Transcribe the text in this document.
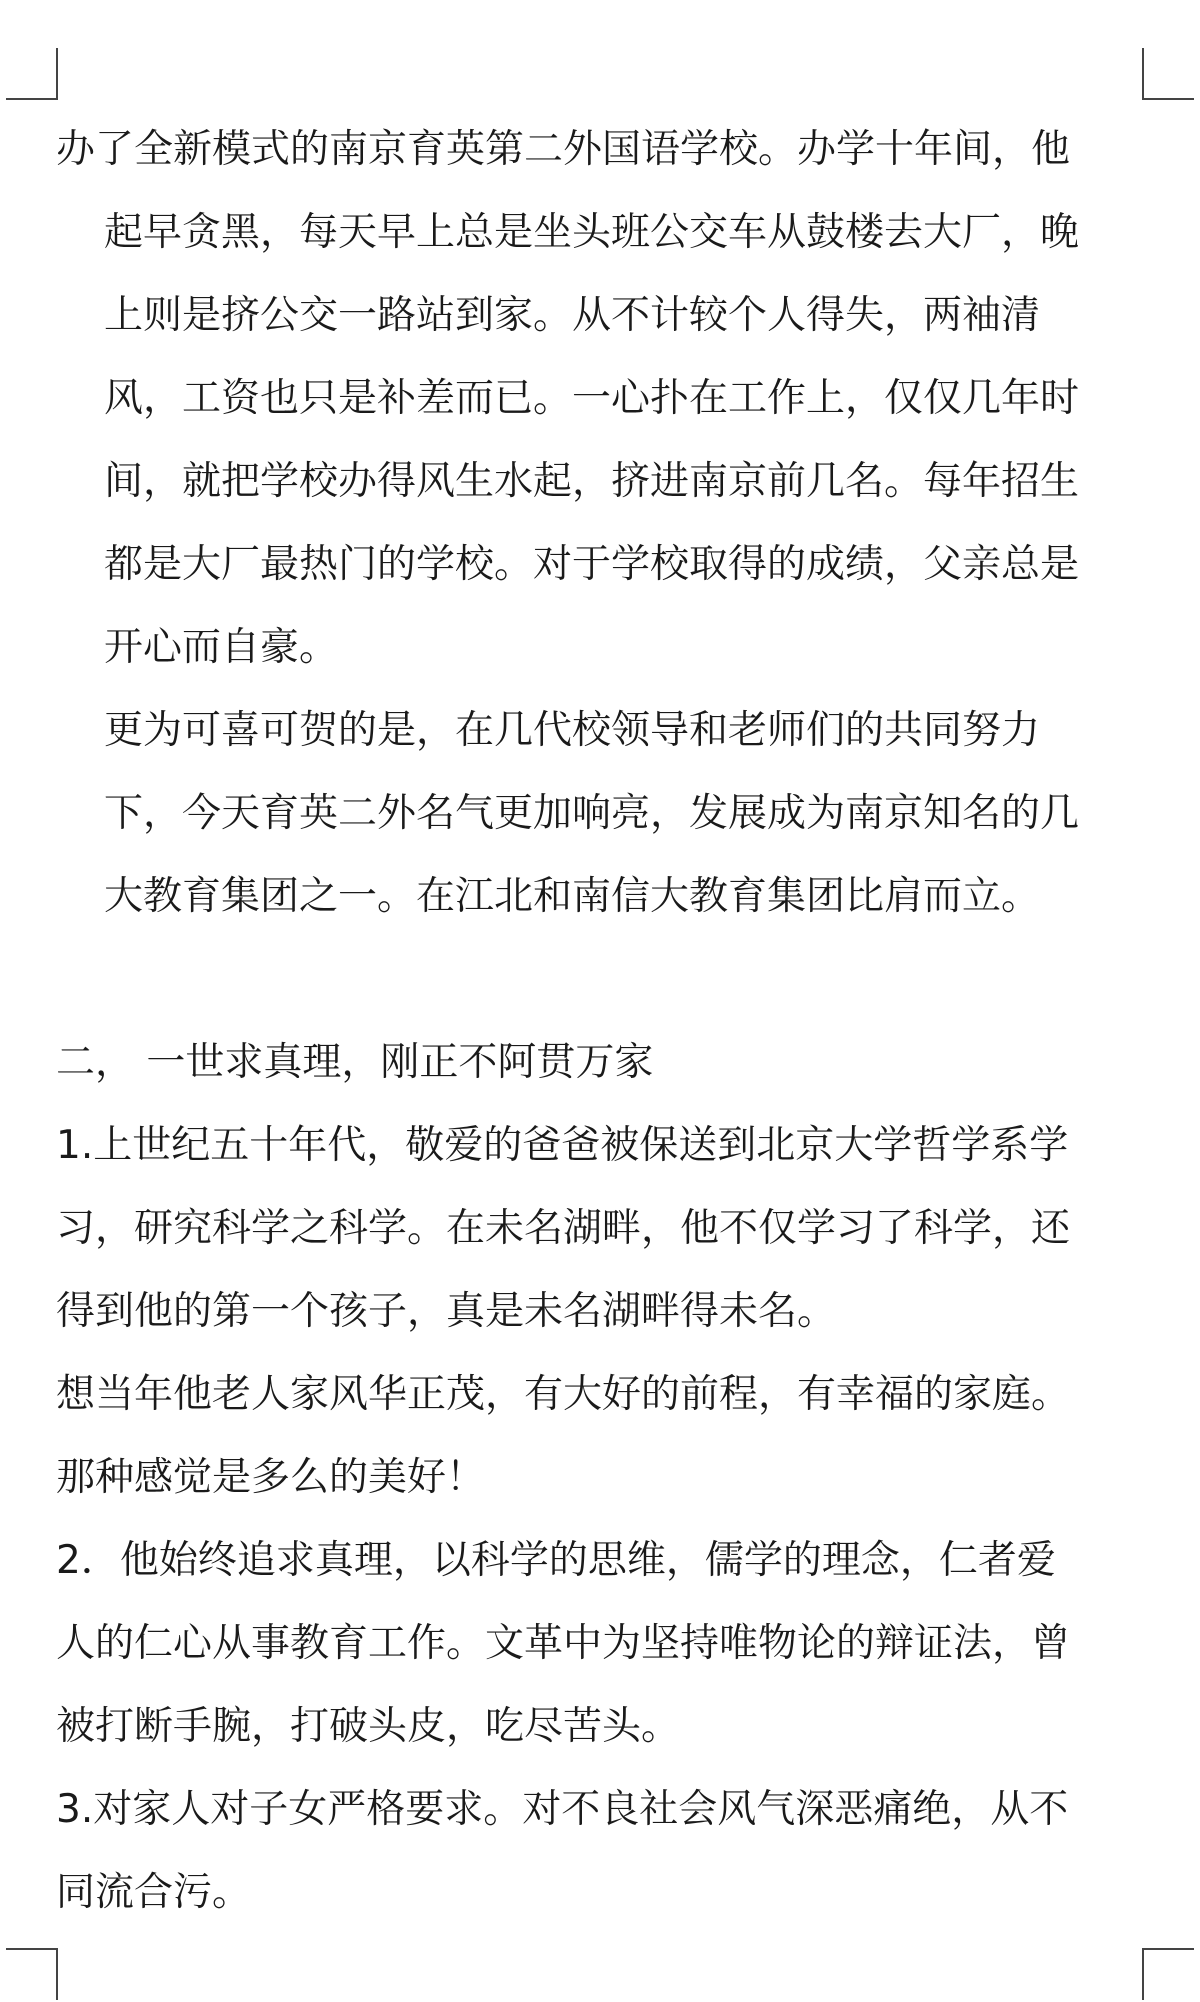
办了全新模式的南京育英第二外国语学校。办学十年间，他
起早贪黑，每天早上总是坐头班公交车从鼓楼去大厂，晚
上则是挤公交一路站到家。从不计较个人得失，两袖清
风，工资也只是补差而已。一心扑在工作上，仅仅几年时
间，就把学校办得风生水起，挤进南京前几名。每年招生
都是大厂最热门的学校。对于学校取得的成绩，父亲总是
开心而自豪。
更为可喜可贺的是，在几代校领导和老师们的共同努力
下，今天育英二外名气更加响亮，发展成为南京知名的几
大教育集团之一。在江北和南信大教育集团比肩而立。
二， 一世求真理，刚正不阿贯万家
1.上世纪五十年代，敬爱的爸爸被保送到北京大学哲学系学
习，研究科学之科学。在未名湖畔，他不仅学习了科学，还
得到他的第一个孩子，真是未名湖畔得未名。
想当年他老人家风华正茂，有大好的前程，有幸福的家庭。
那种感觉是多么的美好！
2．他始终追求真理，以科学的思维，儒学的理念，仁者爱
人的仁心从事教育工作。文革中为坚持唯物论的辩证法，曾
被打断手腕，打破头皮，吃尽苦头。
3.对家人对子女严格要求。对不良社会风气深恶痛绝，从不
同流合污。
